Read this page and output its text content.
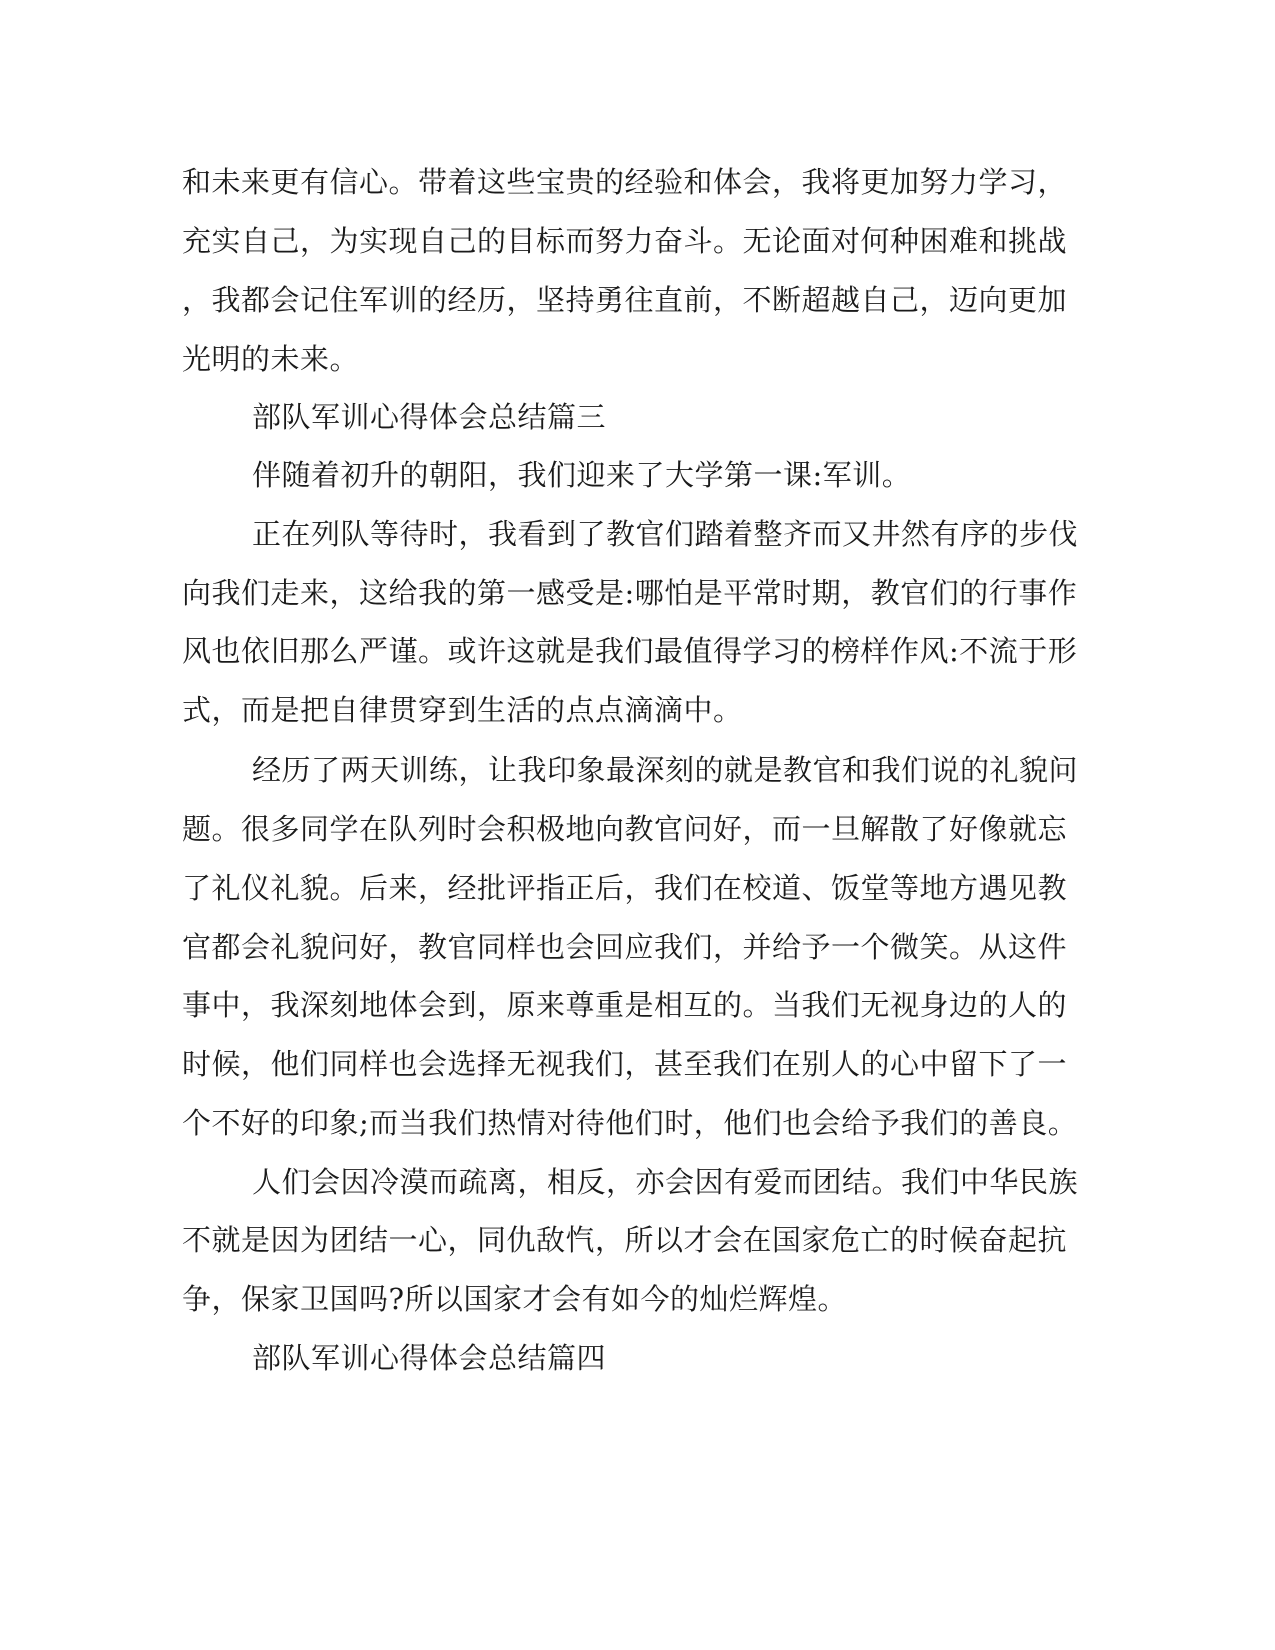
和未来更有信心。带着这些宝贵的经验和体会，我将更加努力学习，
充实自己，为实现自己的目标而努力奋斗。无论面对何种困难和挑战
，我都会记住军训的经历，坚持勇往直前，不断超越自己，迈向更加
光明的未来。
部队军训心得体会总结篇三
伴随着初升的朝阳，我们迎来了大学第一课:军训。
正在列队等待时，我看到了教官们踏着整齐而又井然有序的步伐
向我们走来，这给我的第一感受是:哪怕是平常时期，教官们的行事作
风也依旧那么严谨。或许这就是我们最值得学习的榜样作风:不流于形
式，而是把自律贯穿到生活的点点滴滴中。
经历了两天训练，让我印象最深刻的就是教官和我们说的礼貌问
题。很多同学在队列时会积极地向教官问好，而一旦解散了好像就忘
了礼仪礼貌。后来，经批评指正后，我们在校道、饭堂等地方遇见教
官都会礼貌问好，教官同样也会回应我们，并给予一个微笑。从这件
事中，我深刻地体会到，原来尊重是相互的。当我们无视身边的人的
时候，他们同样也会选择无视我们，甚至我们在别人的心中留下了一
个不好的印象;而当我们热情对待他们时，他们也会给予我们的善良。
人们会因冷漠而疏离，相反，亦会因有爱而团结。我们中华民族
不就是因为团结一心，同仇敌忾，所以才会在国家危亡的时候奋起抗
争，保家卫国吗?所以国家才会有如今的灿烂辉煌。
部队军训心得体会总结篇四
